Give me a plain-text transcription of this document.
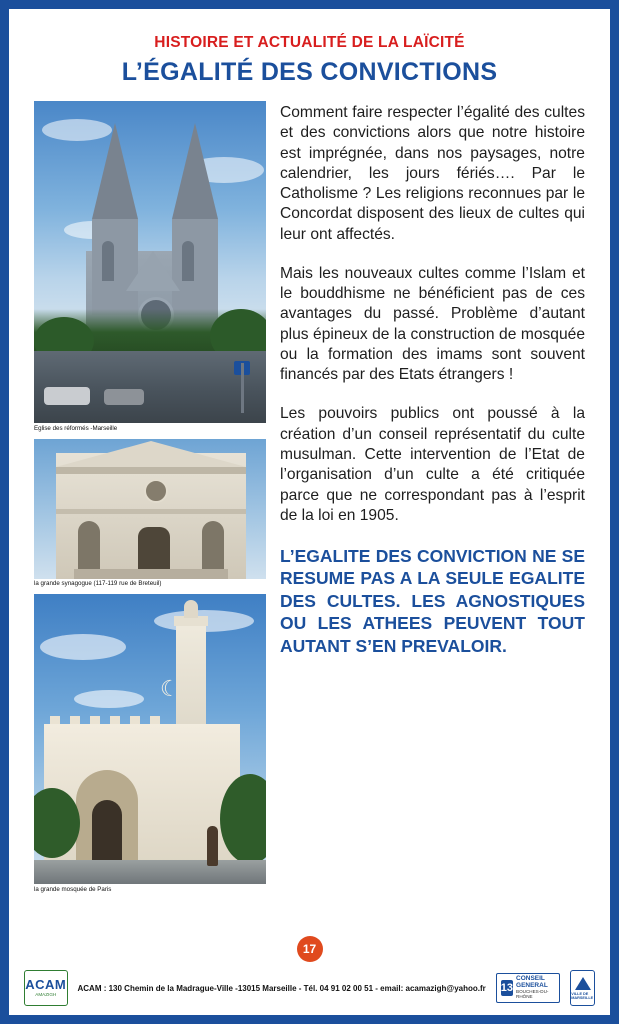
HISTOIRE ET ACTUALITÉ DE LA LAÏCITÉ
L’ÉGALITÉ DES CONVICTIONS
Eglise des réformés -Marseille
la grande synagogue (117-119 rue de Breteuil)
☾
la grande mosquée de Paris

Comment faire respecter l’égalité des cultes et des convictions alors que notre histoire est imprégnée, dans nos paysages, notre calendrier, les jours fériés…. Par le Catholisme ? Les religions reconnues par le Concordat disposent des lieux de cultes qui leur ont affectés.

Mais les nouveaux cultes comme l’Islam et le bouddhisme ne bénéficient pas de ces avantages du passé. Problème d’autant plus épineux de la construction de mosquée ou la formation des imams sont souvent financés par des Etats étrangers !

Les pouvoirs publics ont poussé à la création d’un conseil représentatif du culte musulman. Cette intervention de l’Etat de l’organisation d’un culte a été critiquée parce que ne correspondant pas à l’esprit de la loi en 1905.

L’EGALITE DES CONVICTION NE SE RESUME PAS A LA SEULE EGALITE DES CULTES. LES AGNOSTIQUES OU LES ATHEES PEUVENT TOUT AUTANT S’EN PREVALOIR.

17
ACAM
AMAZIGH
ACAM : 130 Chemin de la Madrague-Ville -13015 Marseille - Tél. 04 91 02 00 51 - email: acamazigh@yahoo.fr 13
CONSEIL GENERAL
BOUCHES-DU-RHÔNE
VILLE DE MARSEILLE
